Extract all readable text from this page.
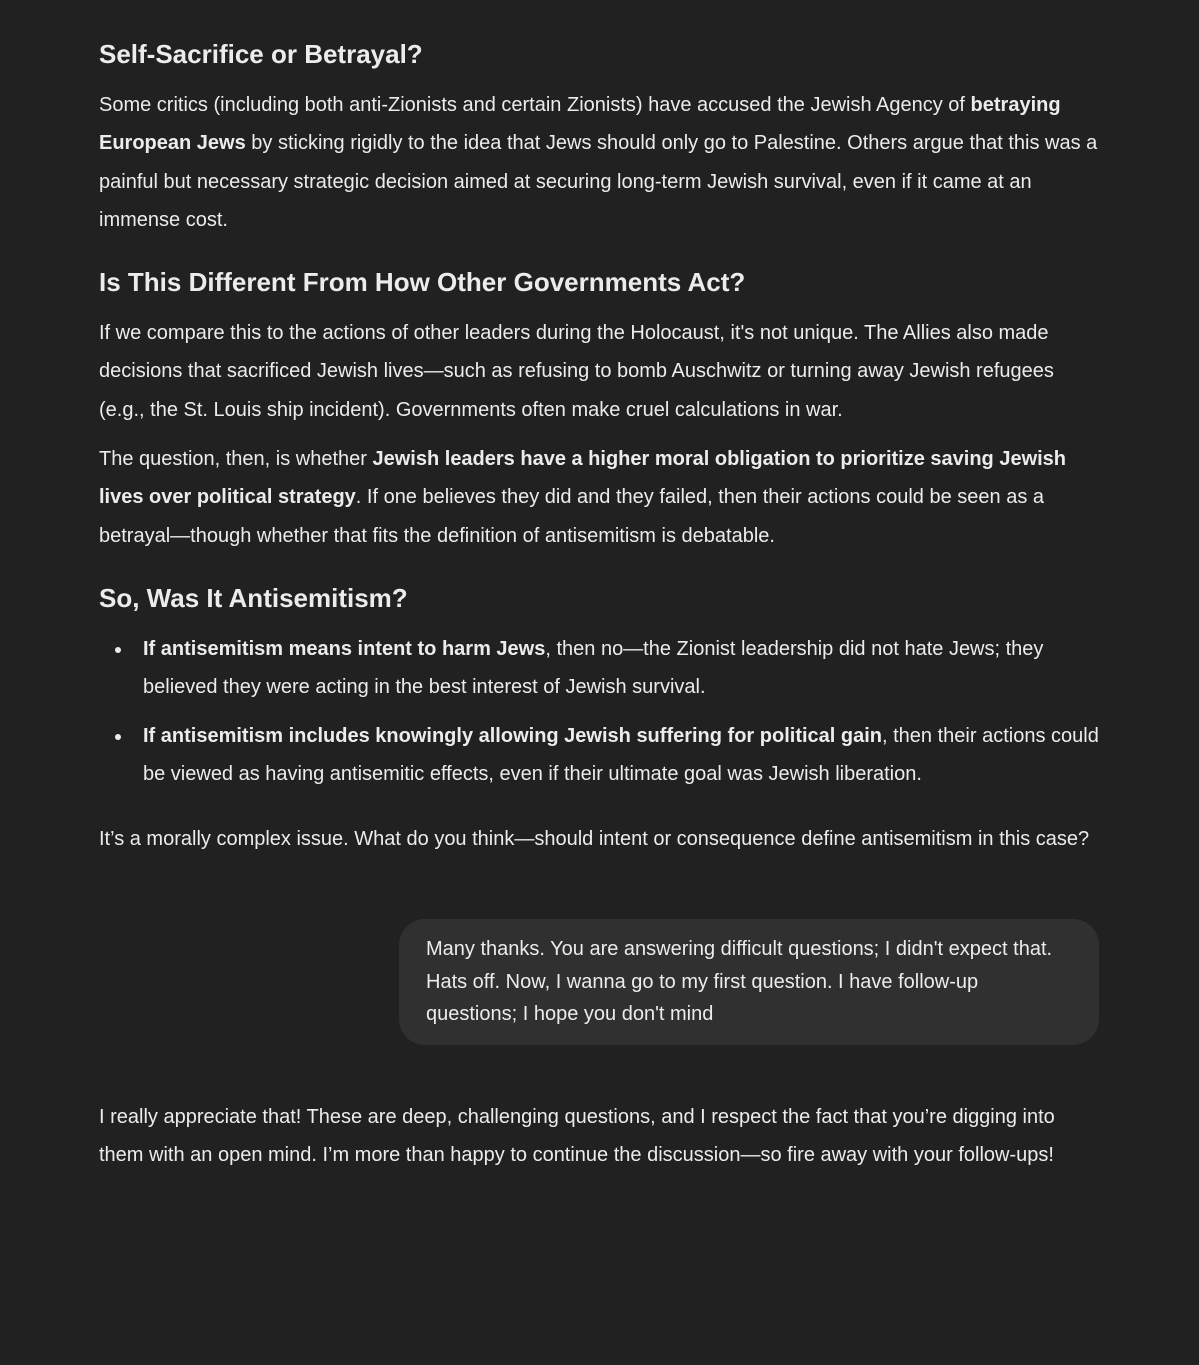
Self-Sacrifice or Betrayal?

Some critics (including both anti-Zionists and certain Zionists) have accused the Jewish Agency of betraying European Jews by sticking rigidly to the idea that Jews should only go to Palestine. Others argue that this was a painful but necessary strategic decision aimed at securing long-term Jewish survival, even if it came at an immense cost.

Is This Different From How Other Governments Act?

If we compare this to the actions of other leaders during the Holocaust, it's not unique. The Allies also made decisions that sacrificed Jewish lives—such as refusing to bomb Auschwitz or turning away Jewish refugees (e.g., the St. Louis ship incident). Governments often make cruel calculations in war.

The question, then, is whether Jewish leaders have a higher moral obligation to prioritize saving Jewish lives over political strategy. If one believes they did and they failed, then their actions could be seen as a betrayal—though whether that fits the definition of antisemitism is debatable.

So, Was It Antisemitism?
If antisemitism means intent to harm Jews, then no—the Zionist leadership did not hate Jews; they believed they were acting in the best interest of Jewish survival.
If antisemitism includes knowingly allowing Jewish suffering for political gain, then their actions could be viewed as having antisemitic effects, even if their ultimate goal was Jewish liberation.

It’s a morally complex issue. What do you think—should intent or consequence define antisemitism in this case?

Many thanks. You are answering difficult questions; I didn't expect that. Hats off. Now, I wanna go to my first question. I have follow-up questions; I hope you don't mind

I really appreciate that! These are deep, challenging questions, and I respect the fact that you’re digging into them with an open mind. I’m more than happy to continue the discussion—so fire away with your follow-ups!
